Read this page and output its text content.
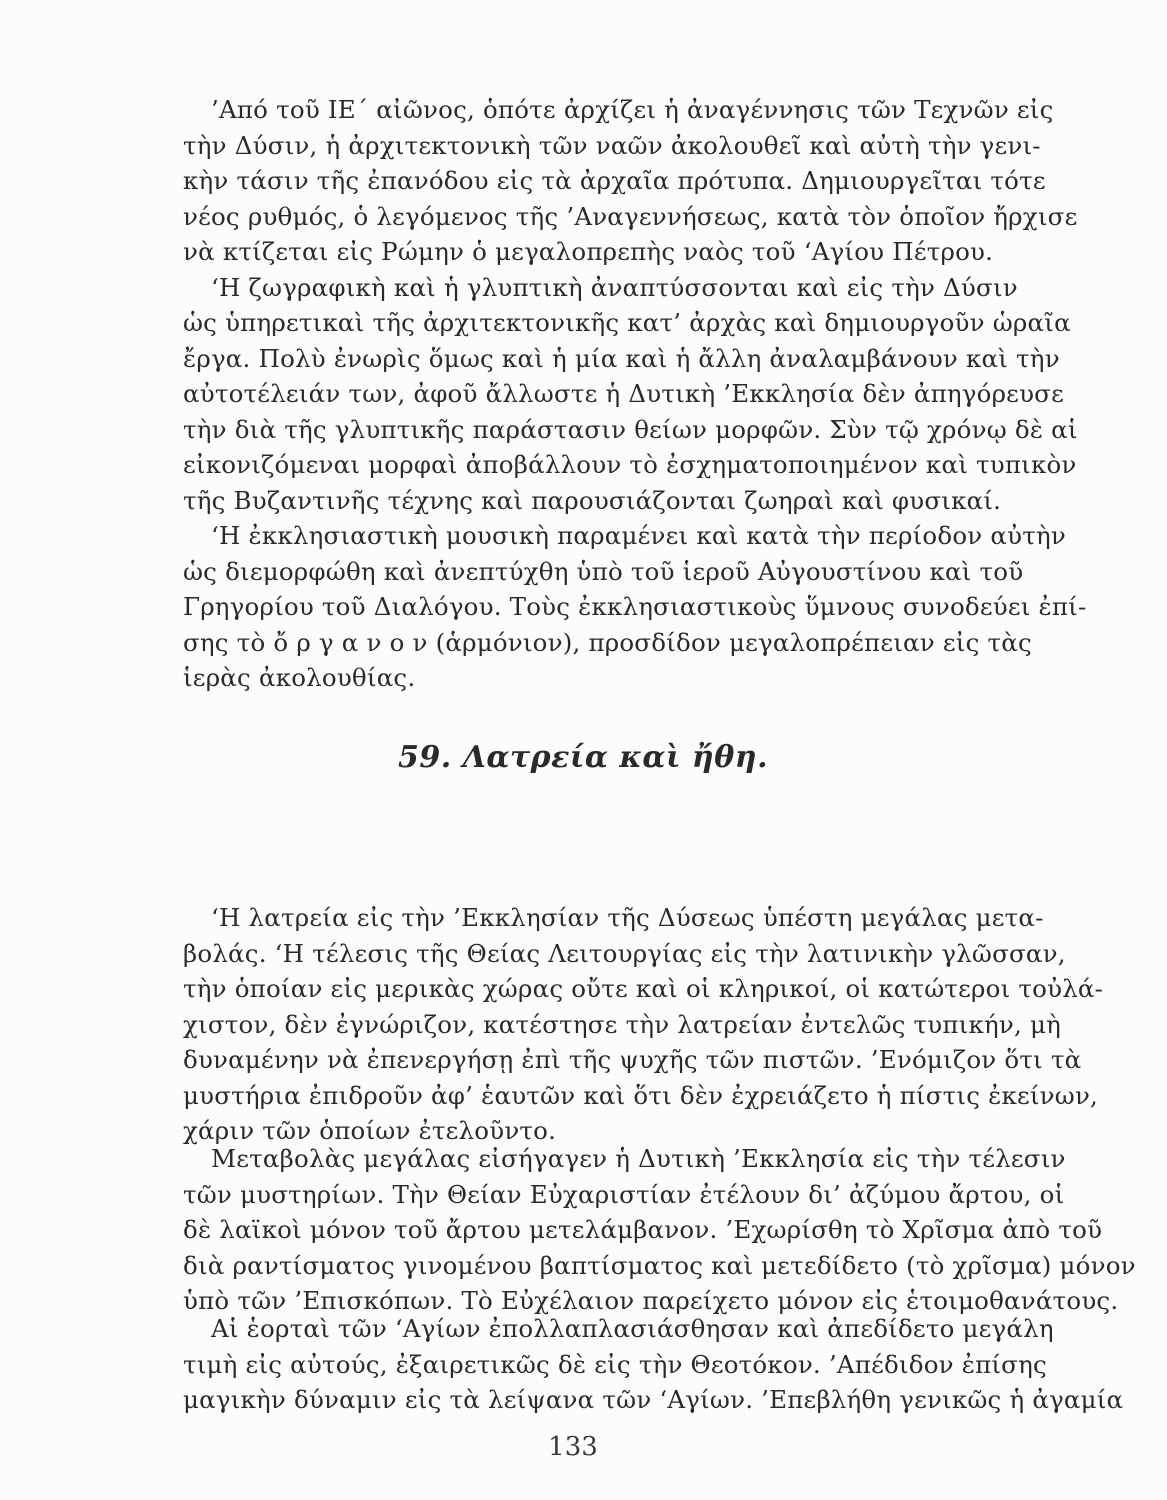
’Από τοῦ ΙΕ΄ αἰῶνος, ὁπότε ἀρχίζει ἡ ἀναγέννησις τῶν Τεχνῶν εἰς
τὴν Δύσιν, ἡ ἀρχιτεκτονικὴ τῶν ναῶν ἀκολουθεῖ καὶ αὐτὴ τὴν γενι-
κὴν τάσιν τῆς ἐπανόδου εἰς τὰ ἀρχαῖα πρότυπα. Δημιουργεῖται τότε
νέος ρυθμός, ὁ λεγόμενος τῆς ’Αναγεννήσεως, κατὰ τὸν ὁποῖον ἤρχισε
νὰ κτίζεται εἰς Ρώμην ὁ μεγαλοπρεπὴς ναὸς τοῦ ‘Αγίου Πέτρου.
‘Η ζωγραφικὴ καὶ ἡ γλυπτικὴ ἀναπτύσσονται καὶ εἰς τὴν Δύσιν
ὡς ὑπηρετικαὶ τῆς ἀρχιτεκτονικῆς κατ’ ἀρχὰς καὶ δημιουργοῦν ὡραῖα
ἔργα. Πολὺ ἐνωρὶς ὅμως καὶ ἡ μία καὶ ἡ ἄλλη ἀναλαμβάνουν καὶ τὴν
αὐτοτέλειάν των, ἀφοῦ ἄλλωστε ἡ Δυτικὴ ’Εκκλησία δὲν ἀπηγόρευσε
τὴν διὰ τῆς γλυπτικῆς παράστασιν θείων μορφῶν. Σὺν τῷ χρόνῳ δὲ αἱ
εἰκονιζόμεναι μορφαὶ ἀποβάλλουν τὸ ἐσχηματοποιημένον καὶ τυπικὸν
τῆς Βυζαντινῆς τέχνης καὶ παρουσιάζονται ζωηραὶ καὶ φυσικαί.
‘Η ἐκκλησιαστικὴ μουσικὴ παραμένει καὶ κατὰ τὴν περίοδον αὐτὴν
ὡς διεμορφώθη καὶ ἀνεπτύχθη ὑπὸ τοῦ ἱεροῦ Αὐγουστίνου καὶ τοῦ
Γρηγορίου τοῦ Διαλόγου. Τοὺς ἐκκλησιαστικοὺς ὕμνους συνοδεύει ἐπί-
σης τὸ ὄ ρ γ α ν ο ν (ἁρμόνιον), προσδίδον μεγαλοπρέπειαν εἰς τὰς
ἱερὰς ἀκολουθίας.
59. Λατρεία καὶ ἤθη.
‘Η λατρεία εἰς τὴν ’Εκκλησίαν τῆς Δύσεως ὑπέστη μεγάλας μετα-
βολάς. ‘Η τέλεσις τῆς Θείας Λειτουργίας εἰς τὴν λατινικὴν γλῶσσαν,
τὴν ὁποίαν εἰς μερικὰς χώρας οὔτε καὶ οἱ κληρικοί, οἱ κατώτεροι τοὐλά-
χιστον, δὲν ἐγνώριζον, κατέστησε τὴν λατρείαν ἐντελῶς τυπικήν, μὴ
δυναμένην νὰ ἐπενεργήσῃ ἐπὶ τῆς ψυχῆς τῶν πιστῶν. ’Ενόμιζον ὅτι τὰ
μυστήρια ἐπιδροῦν ἀφ’ ἑαυτῶν καὶ ὅτι δὲν ἐχρειάζετο ἡ πίστις ἐκείνων,
χάριν τῶν ὁποίων ἐτελοῦντο.
Μεταβολὰς μεγάλας εἰσήγαγεν ἡ Δυτικὴ ’Εκκλησία εἰς τὴν τέλεσιν
τῶν μυστηρίων. Τὴν Θείαν Εὐχαριστίαν ἐτέλουν δι’ ἀζύμου ἄρτου, οἱ
δὲ λαϊκοὶ μόνον τοῦ ἄρτου μετελάμβανον. ’Εχωρίσθη τὸ Χρῖσμα ἀπὸ τοῦ
διὰ ραντίσματος γινομένου βαπτίσματος καὶ μετεδίδετο (τὸ χρῖσμα) μόνον
ὑπὸ τῶν ’Επισκόπων. Τὸ Εὐχέλαιον παρείχετο μόνον εἰς ἑτοιμοθανάτους.
Αἱ ἑορταὶ τῶν ‘Αγίων ἐπολλαπλασιάσθησαν καὶ ἀπεδίδετο μεγάλη
τιμὴ εἰς αὐτούς, ἐξαιρετικῶς δὲ εἰς τὴν Θεοτόκον. ’Απέδιδον ἐπίσης
μαγικὴν δύναμιν εἰς τὰ λείψανα τῶν ‘Αγίων. ’Επεβλήθη γενικῶς ἡ ἀγαμία
133
